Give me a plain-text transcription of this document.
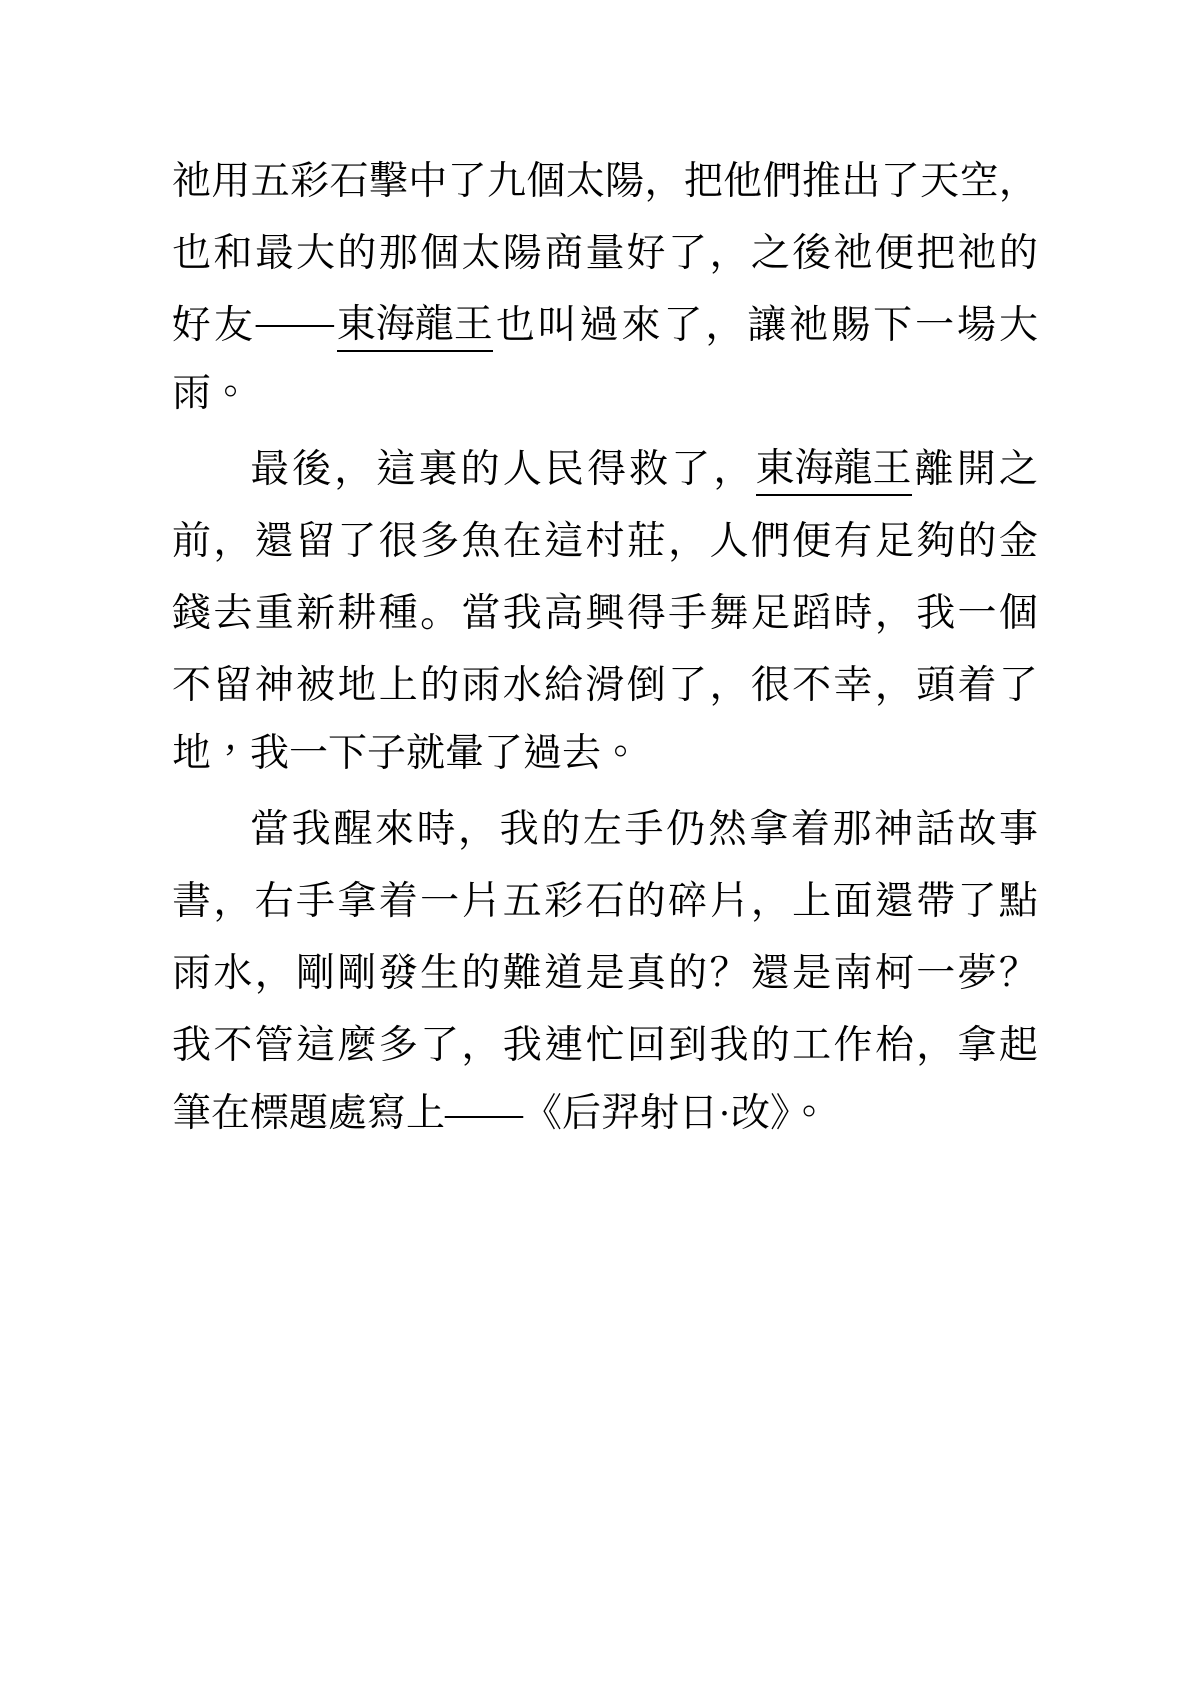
祂 用 五 彩 石 擊 中 了 九 個 太 陽 ， 把 他 們 推 出 了 天 空 ，
也 和 最 大 的 那 個 太 陽 商 量 好 了 ， 之 後 祂 便 把 祂 的
好 友 —— 東海龍王 也 叫 過 來 了 ， 讓 祂 賜 下 一 場 大
雨。
最 後 ， 這 裏 的 人 民 得 救 了 ， 東海龍王 離 開 之
前 ， 還 留 了 很 多 魚 在 這 村 莊 ， 人 們 便 有 足 夠 的 金
錢 去 重 新 耕 種 。 當 我 高 興 得 手 舞 足 蹈 時 ， 我 一 個
不 留 神 被 地 上 的 雨 水 給 滑 倒 了 ， 很 不 幸 ， 頭 着 了
地，我一下子就暈了過去。
當 我 醒 來 時 ， 我 的 左 手 仍 然 拿 着 那 神 話 故 事
書 ， 右 手 拿 着 一 片 五 彩 石 的 碎 片 ， 上 面 還 帶 了 點
雨 水 ， 剛 剛 發 生 的 難 道 是 真 的 ？ 還 是 南 柯 一 夢 ？
我 不 管 這 麼 多 了 ， 我 連 忙 回 到 我 的 工 作 枱 ， 拿 起
筆在標題處寫上——《后羿射日·改》。
